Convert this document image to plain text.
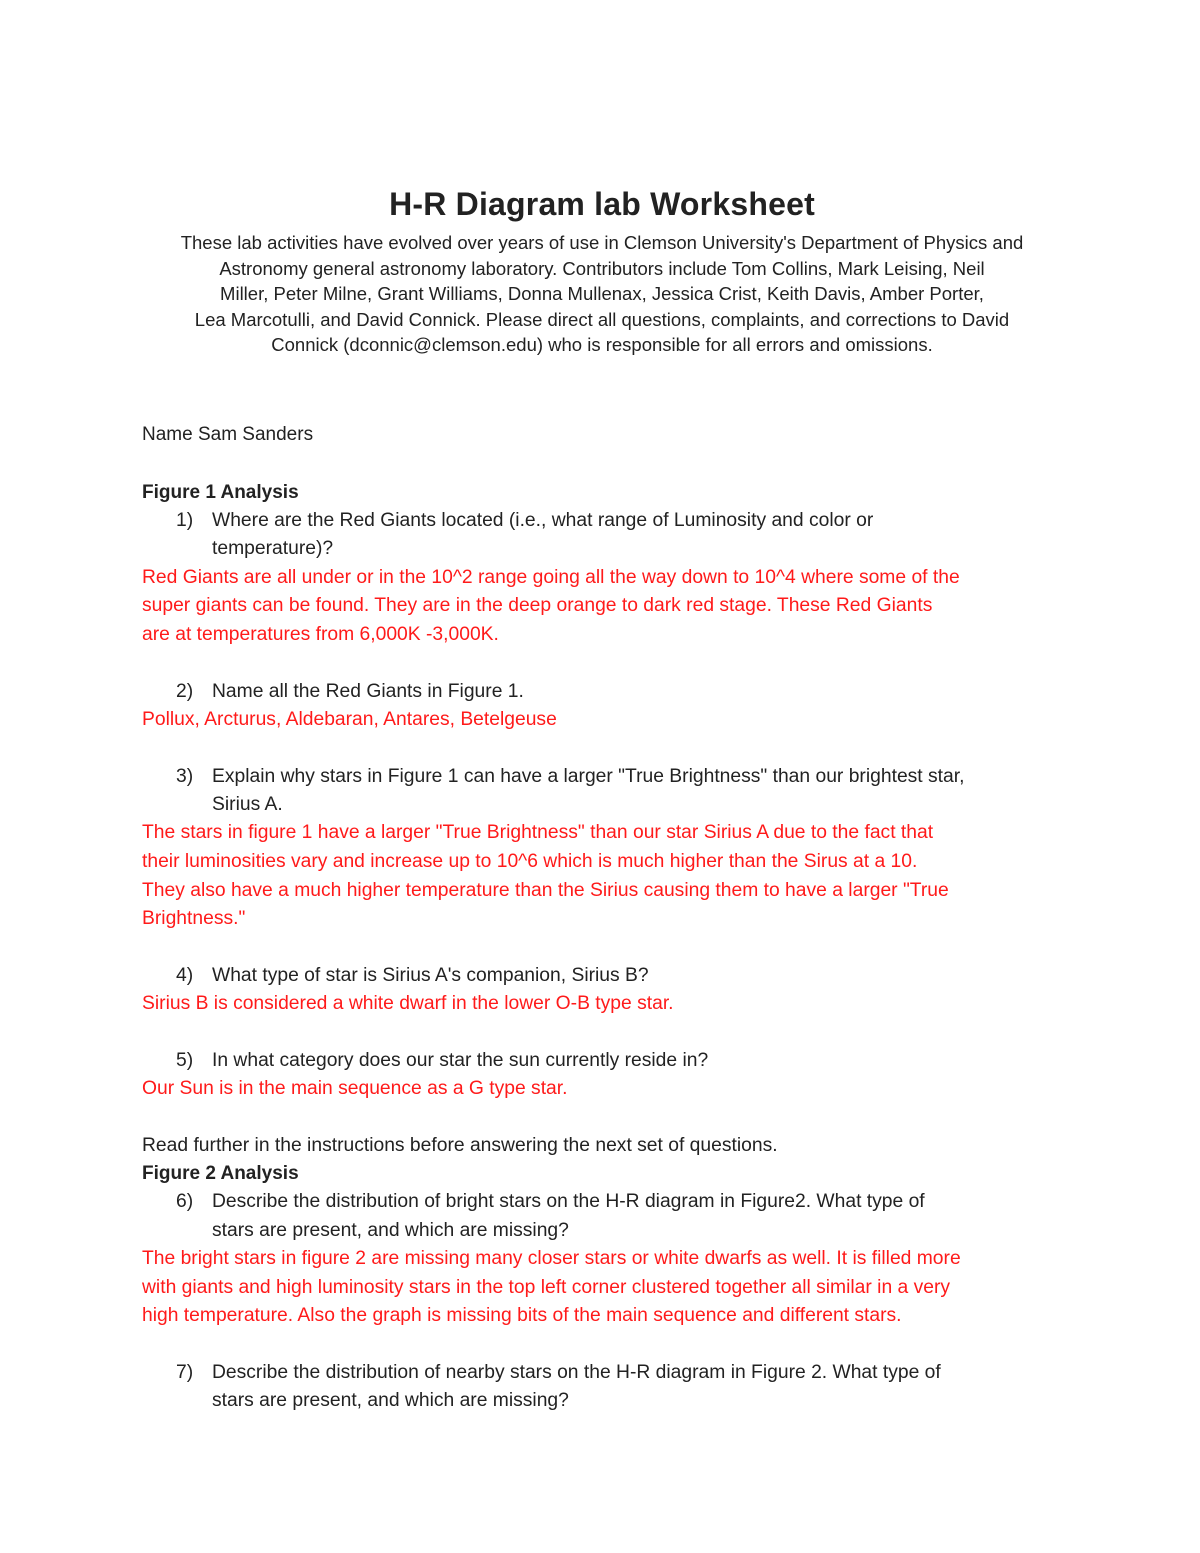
H-R Diagram lab Worksheet
These lab activities have evolved over years of use in Clemson University's Department of Physics and
Astronomy general astronomy laboratory. Contributors include Tom Collins, Mark Leising, Neil
Miller, Peter Milne, Grant Williams, Donna Mullenax, Jessica Crist, Keith Davis, Amber Porter,
Lea Marcotulli, and David Connick. Please direct all questions, complaints, and corrections to David
Connick (dconnic@clemson.edu) who is responsible for all errors and omissions.
Name Sam Sanders
Figure 1 Analysis
1) Where are the Red Giants located (i.e., what range of Luminosity and color or
temperature)?
Red Giants are all under or in the 10^2 range going all the way down to 10^4 where some of the
super giants can be found. They are in the deep orange to dark red stage. These Red Giants
are at temperatures from 6,000K -3,000K.
2) Name all the Red Giants in Figure 1.
Pollux, Arcturus, Aldebaran, Antares, Betelgeuse
3) Explain why stars in Figure 1 can have a larger "True Brightness" than our brightest star,
Sirius A.
The stars in figure 1 have a larger "True Brightness" than our star Sirius A due to the fact that
their luminosities vary and increase up to 10^6 which is much higher than the Sirus at a 10.
They also have a much higher temperature than the Sirius causing them to have a larger "True
Brightness."
4) What type of star is Sirius A's companion, Sirius B?
Sirius B is considered a white dwarf in the lower O-B type star.
5) In what category does our star the sun currently reside in?
Our Sun is in the main sequence as a G type star.
Read further in the instructions before answering the next set of questions.
Figure 2 Analysis
6) Describe the distribution of bright stars on the H-R diagram in Figure2. What type of
stars are present, and which are missing?
The bright stars in figure 2 are missing many closer stars or white dwarfs as well. It is filled more
with giants and high luminosity stars in the top left corner clustered together all similar in a very
high temperature. Also the graph is missing bits of the main sequence and different stars.
7) Describe the distribution of nearby stars on the H-R diagram in Figure 2. What type of
stars are present, and which are missing?
